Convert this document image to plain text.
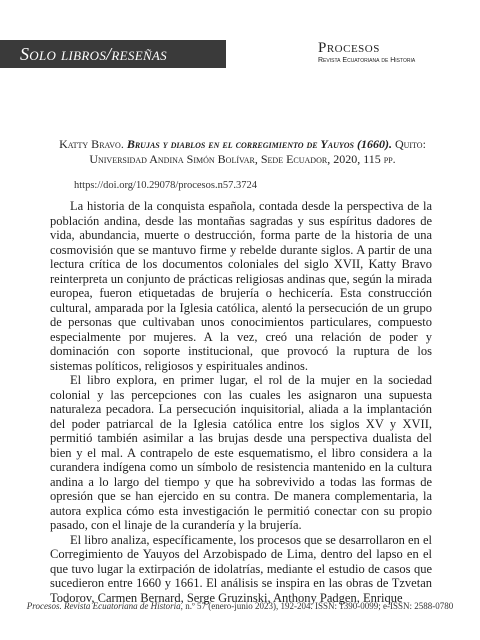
Solo libros/reseñas	Procesos
Revista Ecuatoriana de Historia
Katty Bravo. Brujas y diablos en el corregimiento de Yauyos (1660). Quito: Universidad Andina Simón Bolívar, Sede Ecuador, 2020, 115 pp.
https://doi.org/10.29078/procesos.n57.3724

La historia de la conquista española, contada desde la perspectiva de la población andina, desde las montañas sagradas y sus espíritus dadores de vida, abundancia, muerte o destrucción, forma parte de la historia de una cosmovisión que se mantuvo firme y rebelde durante siglos. A partir de una lectura crítica de los documentos coloniales del siglo XVII, Katty Bravo reinterpreta un conjunto de prácticas religiosas andinas que, según la mirada europea, fueron etiquetadas de brujería o hechicería. Esta construcción cultural, amparada por la Iglesia católica, alentó la persecución de un grupo de personas que cultivaban unos conocimientos particulares, compuesto especialmente por mujeres. A la vez, creó una relación de poder y dominación con soporte institucional, que provocó la ruptura de los sistemas políticos, religiosos y espirituales andinos.

El libro explora, en primer lugar, el rol de la mujer en la sociedad colonial y las percepciones con las cuales les asignaron una supuesta naturaleza pecadora. La persecución inquisitorial, aliada a la implantación del poder patriarcal de la Iglesia católica entre los siglos XV y XVII, permitió también asimilar a las brujas desde una perspectiva dualista del bien y el mal. A contrapelo de este esquematismo, el libro considera a la curandera indígena como un símbolo de resistencia mantenido en la cultura andina a lo largo del tiempo y que ha sobrevivido a todas las formas de opresión que se han ejercido en su contra. De manera complementaria, la autora explica cómo esta investigación le permitió conectar con su propio pasado, con el linaje de la curandería y la brujería.

El libro analiza, específicamente, los procesos que se desarrollaron en el Corregimiento de Yauyos del Arzobispado de Lima, dentro del lapso en el que tuvo lugar la extirpación de idolatrías, mediante el estudio de casos que sucedieron entre 1660 y 1661. El análisis se inspira en las obras de Tzvetan Todorov, Carmen Bernard, Serge Gruzinski, Anthony Padgen, Enrique

Procesos. Revista Ecuatoriana de Historia, n.º 57 (enero-junio 2023), 192-204. ISSN: 1390-0099; e-ISSN: 2588-0780
